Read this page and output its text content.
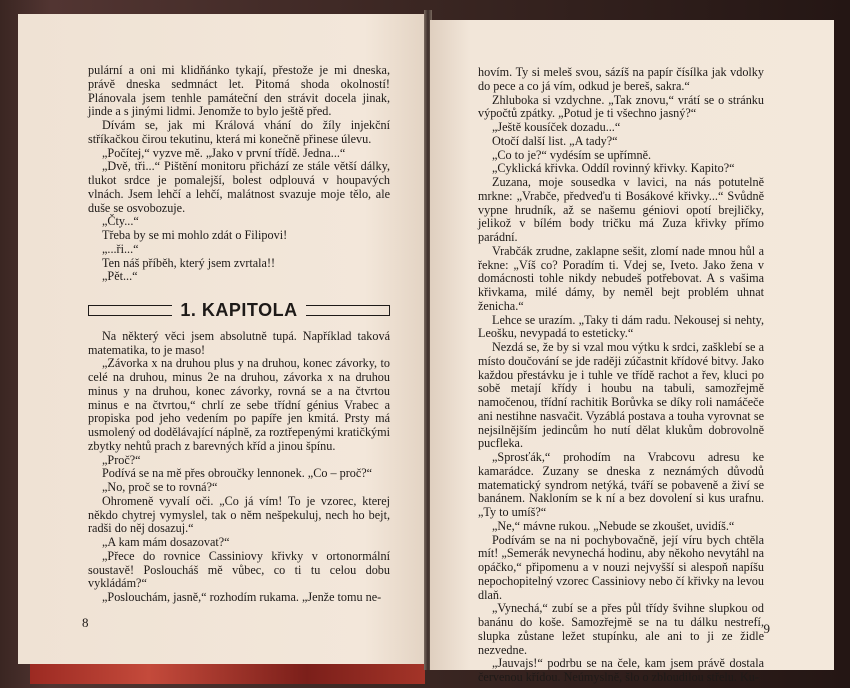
pulární a oni mi klidňánko tykají, přestože je mi dneska, právě dneska sedmnáct let. Pitomá shoda okolností! Plánovala jsem tenhle památeční den strávit docela jinak, jinde a s jinými lidmi. Jenomže to bylo ještě před.

Dívám se, jak mi Králová vhání do žíly injekční stříkačkou čirou tekutinu, která mi konečně přinese úlevu.

„Počítej,“ vyzve mě. „Jako v první třídě. Jedna...“

„Dvě, tři...“ Pištění monitoru přichází ze stále větší dálky, tlukot srdce je pomalejší, bolest odplouvá v houpavých vlnách. Jsem lehčí a lehčí, malátnost svazuje moje tělo, ale duše se osvobozuje.

„Čty...“

Třeba by se mi mohlo zdát o Filipovi!

„...ři...“

Ten náš příběh, který jsem zvrtala!!

„Pět...“

1. KAPITOLA

Na některý věci jsem absolutně tupá. Například taková matematika, to je maso!

„Závorka x na druhou plus y na druhou, konec závorky, to celé na druhou, minus 2e na druhou, závorka x na druhou minus y na druhou, konec závorky, rovná se a na čtvrtou minus e na čtvrtou,“ chrlí ze sebe třídní génius Vrabec a propiska pod jeho vedením po papíře jen kmitá. Prsty má usmolený od dodělávající náplně, za roztřepenými kratičkými zbytky nehtů prach z barevných kříd a jinou špínu.

„Proč?“

Podívá se na mě přes obroučky lennonek. „Co – proč?“

„No, proč se to rovná?“

Ohromeně vyvalí oči. „Co já vím! To je vzorec, kterej někdo chytrej vymyslel, tak o něm nešpekuluj, nech ho bejt, radši do něj dosazuj.“

„A kam mám dosazovat?“

„Přece do rovnice Cassiniovy křivky v ortonormální soustavě! Posloucháš mě vůbec, co ti tu celou dobu vykládám?“

„Poslouchám, jasně,“ rozhodím rukama. „Jenže tomu ne-

8

hovím. Ty si meleš svou, sázíš na papír čísílka jak vdolky do pece a co já vím, odkud je bereš, sakra.“

Zhluboka si vzdychne. „Tak znovu,“ vrátí se o stránku výpočtů zpátky. „Potud je ti všechno jasný?“

„Ještě kousíček dozadu...“

Otočí další list. „A tady?“

„Co to je?“ vydésím se upřímně.

„Cyklická křivka. Oddíl rovinný křivky. Kapito?“

Zuzana, moje sousedka v lavici, na nás potutelně mrkne: „Vrabče, předveďu ti Bosákové křivky...“ Svůdně vypne hrudník, až se našemu géniovi opotí brejličky, jelikož v bílém body tričku má Zuza křivky přímo parádní.

Vrabčák zrudne, zaklapne sešit, zlomí nade mnou hůl a řekne: „Víš co? Poradím ti. Vdej se, Iveto. Jako žena v domácnosti tohle nikdy nebudeš potřebovat. A s vašima křivkama, milé dámy, by neměl bejt problém uhnat ženicha.“

Lehce se urazím. „Taky ti dám radu. Nekousej si nehty, Leošku, nevypadá to esteticky.“

Nezdá se, že by si vzal mou výtku k srdci, zašklebí se a místo doučování se jde raději zúčastnit křídové bitvy. Jako každou přestávku je i tuhle ve třídě rachot a řev, kluci po sobě metají křídy i houbu na tabuli, samozřejmě namočenou, třídní rachitik Borůvka se díky roli namáčeče ani nestihne nasvačit. Vyzáblá postava a touha vyrovnat se nejsilnějším jedincům ho nutí dělat klukům dobrovolně pucfleka.

„Sprosťák,“ prohodím na Vrabcovu adresu ke kamarádce. Zuzany se dneska z neznámých důvodů matematický syndrom netýká, tváří se pobaveně a živí se banánem. Nakloním se k ní a bez dovolení si kus urafnu. „Ty to umíš?“

„Ne,“ mávne rukou. „Nebude se zkoušet, uvidíš.“

Podívám se na ni pochybovačně, její víru bych chtěla mít! „Semerák nevynechá hodinu, aby někoho nevytáhl na opáčko,“ připomenu a v nouzi nejvyšší si alespoň napíšu nepochopitelný vzorec Cassiniovy nebo čí křivky na levou dlaň.

„Vynechá,“ zubí se a přes půl třídy švihne slupkou od banánu do koše. Samozřejmě se na tu dálku nestrefí, slupka zůstane ležet stupínku, ale ani to ji ze židle nezvedne.

„Jauvajs!“ podrbu se na čele, kam jsem právě dostala červenou křídou. Neúmyslně, šlo o zbloudilou střelu. Ku-

9
